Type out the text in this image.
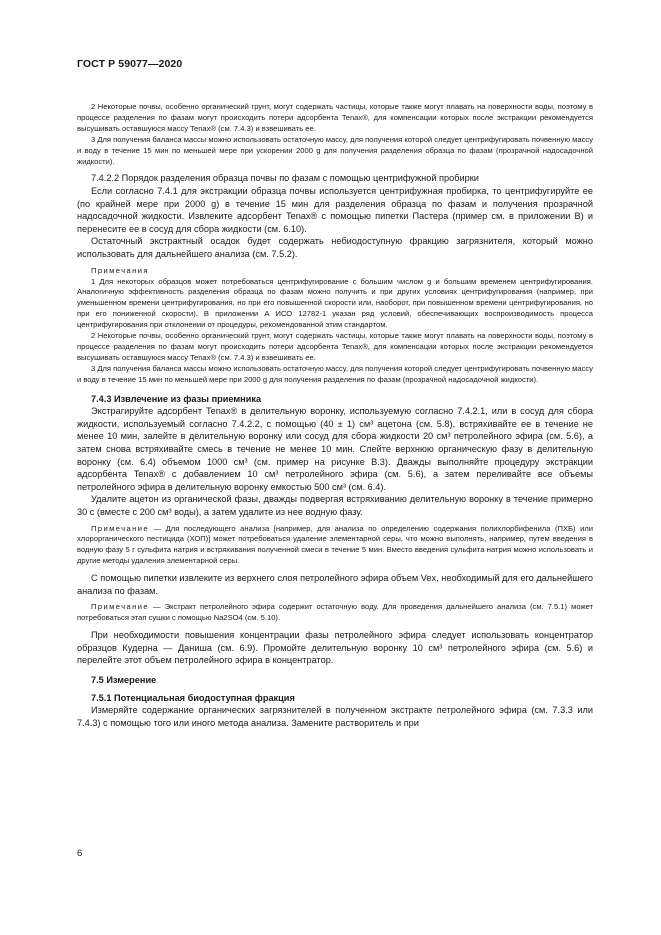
ГОСТ Р 59077—2020

2 Некоторые почвы, особенно органический грунт, могут содержать частицы, которые также могут плавать на поверхности воды, поэтому в процессе разделения по фазам могут происходить потери адсорбента Tenax®, для компенсации которых после экстракции рекомендуется высушивать оставшуюся массу Tenax® (см. 7.4.3) и взвешивать ее.

3 Для получения баланса массы можно использовать остаточную массу, для получения которой следует центрифугировать почвенную массу и воду в течение 15 мин по меньшей мере при ускорении 2000 g для получения разделения образца по фазам (прозрачной надосадочной жидкости).

7.4.2.2 Порядок разделения образца почвы по фазам с помощью центрифужной пробирки

Если согласно 7.4.1 для экстракции образца почвы используется центрифужная пробирка, то центрифугируйте ее (по крайней мере при 2000 g) в течение 15 мин для разделения образца по фазам и получения прозрачной надосадочной жидкости. Извлеките адсорбент Tenax® с помощью пипетки Пастера (пример см. в приложении В) и перенесите ее в сосуд для сбора жидкости (см. 6.10).

Остаточный экстрактный осадок будет содержать небиодоступную фракцию загрязнителя, который можно использовать для дальнейшего анализа (см. 7.5.2).

Примечания

1 Для некоторых образцов может потребоваться центрифугирование с большим числом g и большим временем центрифугирования. Аналогичную эффективность разделения образца по фазам можно получить и при других условиях центрифугирования (например, при уменьшенном времени центрифугирования, но при его повышенной скорости или, наоборот, при повышенном времени центрифугирования, но при его пониженной скорости). В приложении А ИСО 12782-1 указан ряд условий, обеспечивающих воспроизводимость процесса центрифугирования при отклонении от процедуры, рекомендованной этим стандартом.

2 Некоторые почвы, особенно органический грунт, могут содержать частицы, которые также могут плавать на поверхности воды, поэтому в процессе разделения по фазам могут происходить потери адсорбента Tenax®, для компенсации которых после экстракции рекомендуется высушивать оставшуюся массу Tenax® (см. 7.4.3) и взвешивать ее.

3 Для получения баланса массы можно использовать остаточную массу, для получения которой следует центрифугировать почвенную массу и воду в течение 15 мин по меньшей мере при 2000 g для получения разделения по фазам (прозрачной надосадочной жидкости).

7.4.3 Извлечение из фазы приемника

Экстрагируйте адсорбент Tenax® в делительную воронку, используемую согласно 7.4.2.1, или в сосуд для сбора жидкости, используемый согласно 7.4.2.2, с помощью (40 ± 1) см³ ацетона (см. 5.8), встряхивайте ее в течение не менее 10 мин, залейте в делительную воронку или сосуд для сбора жидкости 20 см³ петролейного эфира (см. 5.6), а затем снова встряхивайте смесь в течение не менее 10 мин. Слейте верхнюю органическую фазу в делительную воронку (см. 6.4) объемом 1000 см³ (см. пример на рисунке В.3). Дважды выполняйте процедуру экстракции адсорбента Tenax® с добавлением 10 см³ петролейного эфира (см. 5.6), а затем переливайте все объемы петролейного эфира в делительную воронку емкостью 500 см³ (см. 6.4).

Удалите ацетон из органической фазы, дважды подвергая встряхиванию делительную воронку в течение примерно 30 с (вместе с 200 см³ воды), а затем удалите из нее водную фазу.

Примечание — Для последующего анализа [например, для анализа по определению содержания полихлорбифенила (ПХБ) или хлорорганического пестицида (ХОП)] может потребоваться удаление элементарной серы, что можно выполнять, например, путем введения в водную фазу 5 г сульфита натрия и встряхивания полученной смеси в течение 5 мин. Вместо введения сульфита натрия можно использовать и другие методы удаления элементарной серы.

С помощью пипетки извлеките из верхнего слоя петролейного эфира объем Vex, необходимый для его дальнейшего анализа по фазам.

Примечание — Экстракт петролейного эфира содержит остаточную воду. Для проведения дальнейшего анализа (см. 7.5.1) может потребоваться этап сушки с помощью Na2SO4 (см. 5.10).

При необходимости повышения концентрации фазы петролейного эфира следует использовать концентратор образцов Кудерна — Даниша (см. 6.9). Промойте делительную воронку 10 см³ петролейного эфира (см. 5.6) и перелейте этот объем петролейного эфира в концентратор.

7.5 Измерение

7.5.1 Потенциальная биодоступная фракция

Измеряйте содержание органических загрязнителей в полученном экстракте петролейного эфира (см. 7.3.3 или 7.4.3) с помощью того или иного метода анализа. Замените растворитель и при

6
